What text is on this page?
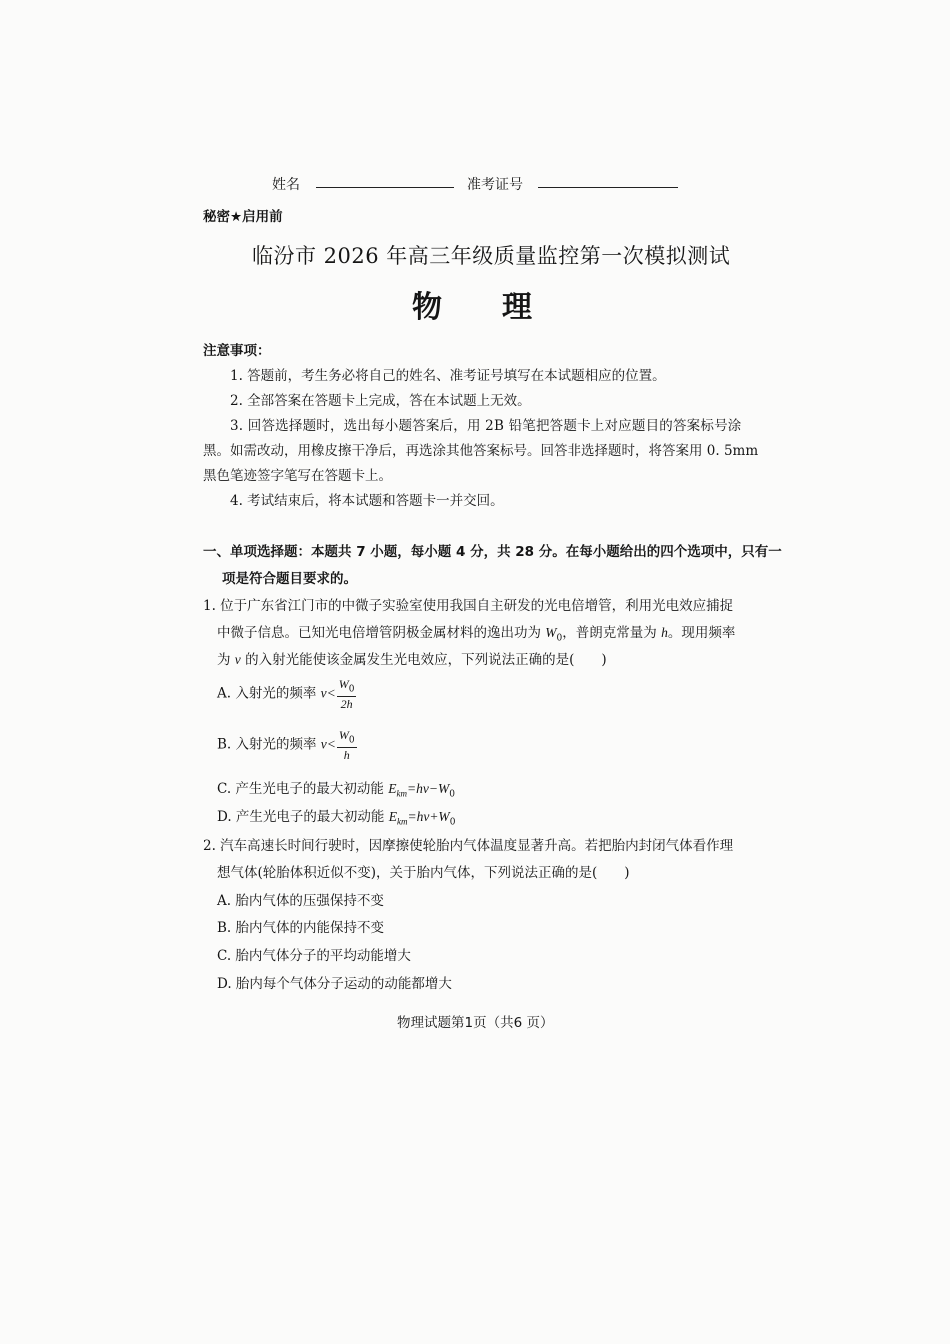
姓名	准考证号
秘密★启用前
临汾市 2026 年高三年级质量监控第一次模拟测试
物　　理
注意事项：
1. 答题前，考生务必将自己的姓名、准考证号填写在本试题相应的位置。
2. 全部答案在答题卡上完成，答在本试题上无效。
3. 回答选择题时，选出每小题答案后，用 2B 铅笔把答题卡上对应题目的答案标号涂
黑。如需改动，用橡皮擦干净后，再选涂其他答案标号。回答非选择题时，将答案用 0. 5mm
黑色笔迹签字笔写在答题卡上。
4. 考试结束后，将本试题和答题卡一并交回。
一、单项选择题：本题共 7 小题，每小题 4 分，共 28 分。在每小题给出的四个选项中，只有一
项是符合题目要求的。
1. 位于广东省江门市的中微子实验室使用我国自主研发的光电倍增管，利用光电效应捕捉
中微子信息。已知光电倍增管阴极金属材料的逸出功为 $W_0$，普朗克常量为 h。现用频率
为 ν 的入射光能使该金属发生光电效应，下列说法正确的是(　　)
A. 入射光的频率 $\nu< \frac{W_0}{2h}$
B. 入射光的频率 $\nu< \frac{W_0}{h}$
C. 产生光电子的最大初动能 $E_{km}=h\nu-W_0$
D. 产生光电子的最大初动能 $E_{km}=h\nu+W_0$
2. 汽车高速长时间行驶时，因摩擦使轮胎内气体温度显著升高。若把胎内封闭气体看作理
想气体(轮胎体积近似不变)，关于胎内气体，下列说法正确的是(　　)
A. 胎内气体的压强保持不变
B. 胎内气体的内能保持不变
C. 胎内气体分子的平均动能增大
D. 胎内每个气体分子运动的动能都增大
物理试题第1页（共6 页）
